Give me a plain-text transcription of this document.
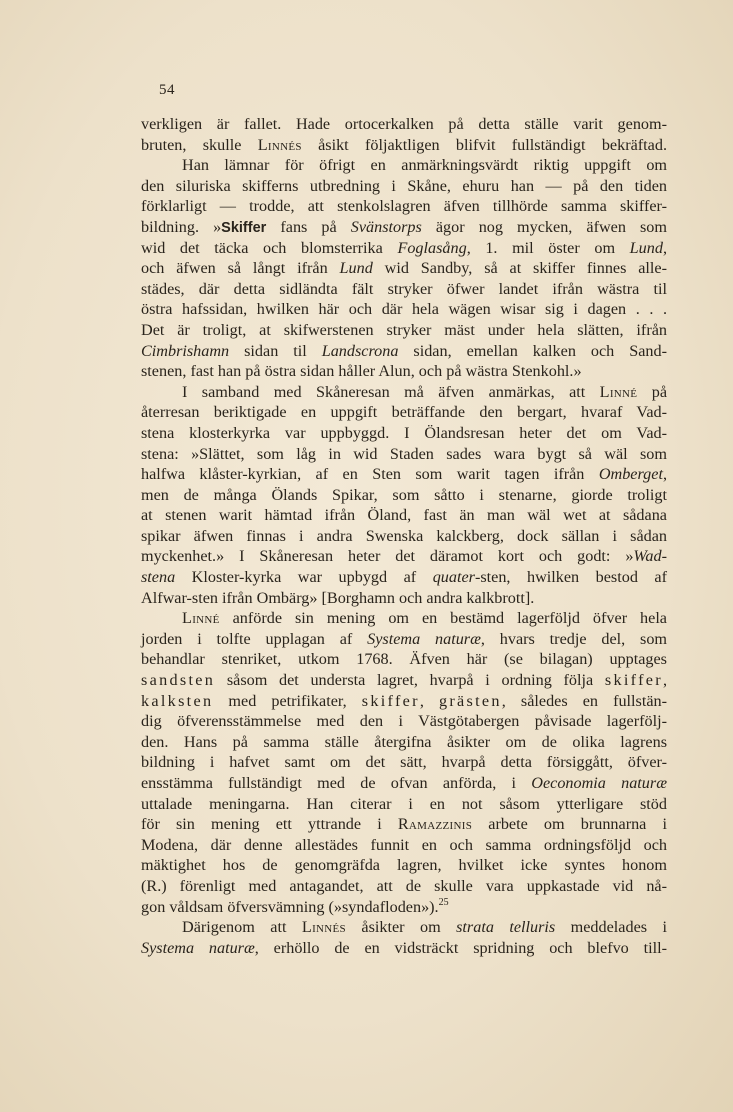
54
verkligen är fallet. Hade ortocerkalken på detta ställe varit genom-
bruten, skulle Linnés åsikt följaktligen blifvit fullständigt bekräftad.
Han lämnar för öfrigt en anmärkningsvärdt riktig uppgift om
den siluriska skifferns utbredning i Skåne, ehuru han — på den tiden
förklarligt — trodde, att stenkolslagren äfven tillhörde samma skiffer-
bildning. »Skiffer fans på Svänstorps ägor nog mycken, äfwen som
wid det täcka och blomsterrika Foglasång, 1. mil öster om Lund,
och äfwen så långt ifrån Lund wid Sandby, så at skiffer finnes alle-
städes, där detta sidländta fält stryker öfwer landet ifrån wästra til
östra hafssidan, hwilken här och där hela wägen wisar sig i dagen . . .
Det är troligt, at skifwerstenen stryker mäst under hela slätten, ifrån
Cimbrishamn sidan til Landscrona sidan, emellan kalken och Sand-
stenen, fast han på östra sidan håller Alun, och på wästra Stenkohl.»
I samband med Skåneresan må äfven anmärkas, att Linné på
återresan beriktigade en uppgift beträffande den bergart, hvaraf Vad-
stena klosterkyrka var uppbyggd. I Ölandsresan heter det om Vad-
stena: »Slättet, som låg in wid Staden sades wara bygt så wäl som
halfwa klåster-kyrkian, af en Sten som warit tagen ifrån Omberget,
men de många Ölands Spikar, som såtto i stenarne, giorde troligt
at stenen warit hämtad ifrån Öland, fast än man wäl wet at sådana
spikar äfwen finnas i andra Swenska kalckberg, dock sällan i sådan
myckenhet.» I Skåneresan heter det däramot kort och godt: »Wad-
stena Kloster-kyrka war upbygd af quater-sten, hwilken bestod af
Alfwar-sten ifrån Ombärg» [Borghamn och andra kalkbrott].
Linné anförde sin mening om en bestämd lagerföljd öfver hela
jorden i tolfte upplagan af Systema naturæ, hvars tredje del, som
behandlar stenriket, utkom 1768. Äfven här (se bilagan) upptages
sandsten såsom det understa lagret, hvarpå i ordning följa skiffer,
kalksten med petrifikater, skiffer, grästen, således en fullstän-
dig öfverensstämmelse med den i Västgötabergen påvisade lagerfölj-
den. Hans på samma ställe återgifna åsikter om de olika lagrens
bildning i hafvet samt om det sätt, hvarpå detta försiggått, öfver-
ensstämma fullständigt med de ofvan anförda, i Oeconomia naturæ
uttalade meningarna. Han citerar i en not såsom ytterligare stöd
för sin mening ett yttrande i Ramazzinis arbete om brunnarna i
Modena, där denne allestädes funnit en och samma ordningsföljd och
mäktighet hos de genomgräfda lagren, hvilket icke syntes honom
(R.) förenligt med antagandet, att de skulle vara uppkastade vid nå-
gon våldsam öfversvämning (»syndafloden»).$^{25}$
Därigenom att Linnés åsikter om strata telluris meddelades i
Systema naturæ, erhöllo de en vidsträckt spridning och blefvo till-
